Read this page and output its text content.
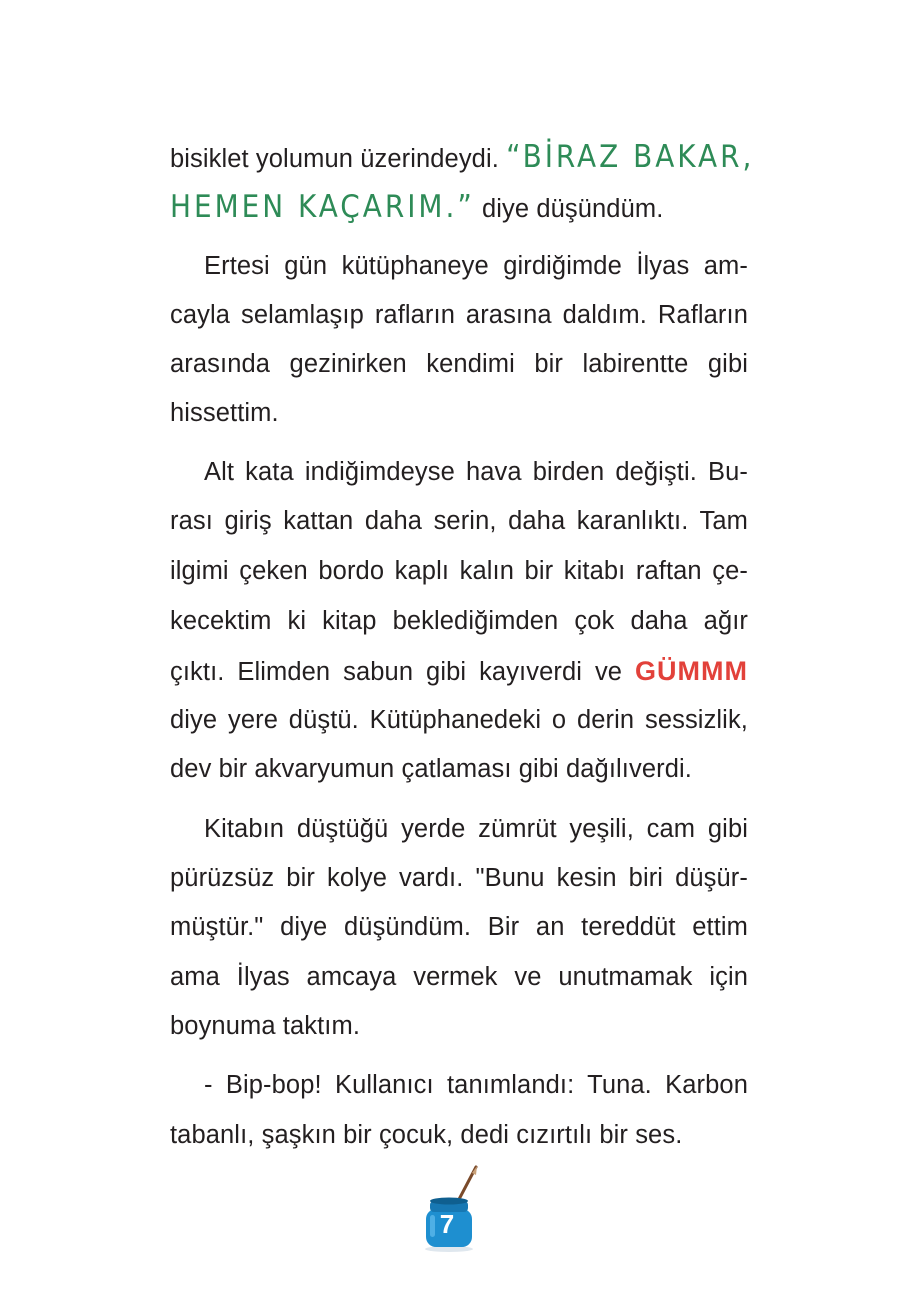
bisiklet yolumun üzerindeydi. “BİRAZ BAKAR,
HEMEN KAÇARIM.” diye düşündüm.
Ertesi gün kütüphaneye girdiğimde İlyas am-
cayla selamlaşıp rafların arasına daldım. Rafların
arasında gezinirken kendimi bir labirentte gibi
hissettim.
Alt kata indiğimdeyse hava birden değişti. Bu-
rası giriş kattan daha serin, daha karanlıktı. Tam
ilgimi çeken bordo kaplı kalın bir kitabı raftan çe-
kecektim ki kitap beklediğimden çok daha ağır
çıktı. Elimden sabun gibi kayıverdi ve GÜMMM
diye yere düştü. Kütüphanedeki o derin sessizlik,
dev bir akvaryumun çatlaması gibi dağılıverdi.
Kitabın düştüğü yerde zümrüt yeşili, cam gibi
pürüzsüz bir kolye vardı. "Bunu kesin biri düşür-
müştür." diye düşündüm. Bir an tereddüt ettim
ama İlyas amcaya vermek ve unutmamak için
boynuma taktım.
- Bip-bop! Kullanıcı tanımlandı: Tuna. Karbon
tabanlı, şaşkın bir çocuk, dedi cızırtılı bir ses.
7
